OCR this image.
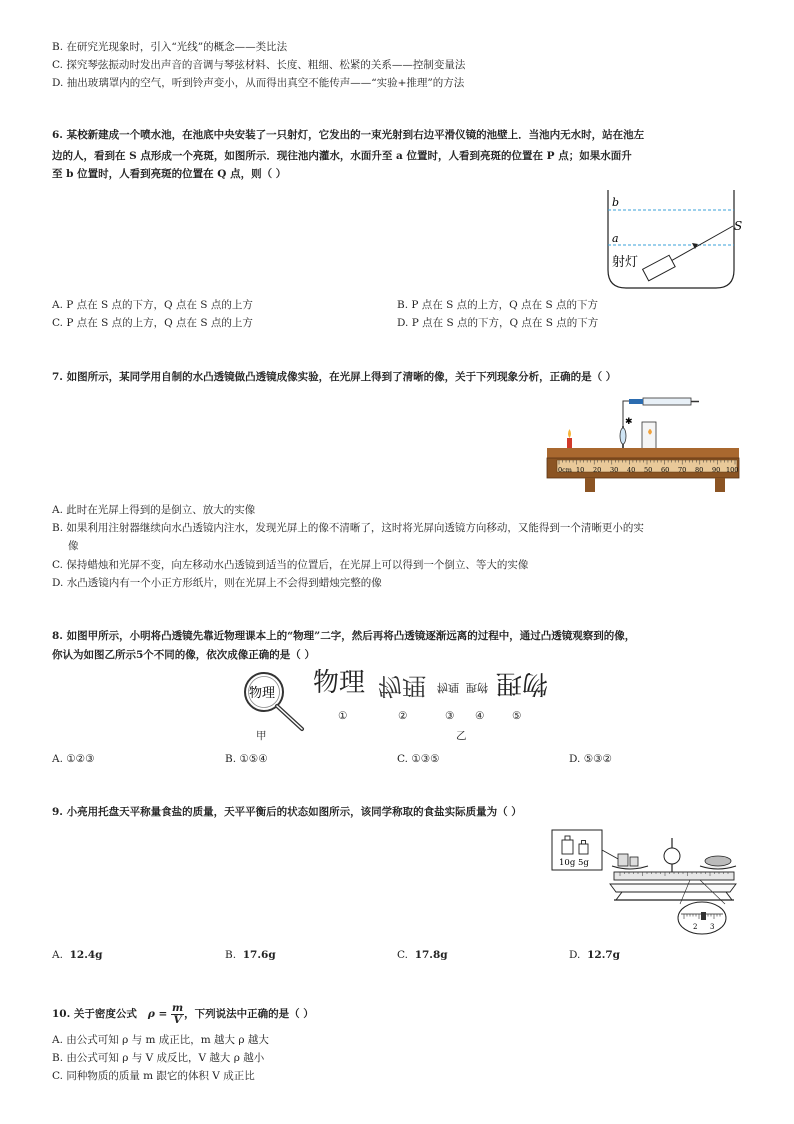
B. 在研究光现象时，引入“光线”的概念——类比法
C. 探究琴弦振动时发出声音的音调与琴弦材料、长度、粗细、松紧的关系——控制变量法
D. 抽出玻璃罩内的空气，听到铃声变小，从而得出真空不能传声——“实验+推理”的方法
6. 某校新建成一个喷水池，在池底中央安装了一只射灯，它发出的一束光射到右边平滑仪镜的池壁上．当池内无水时，站在池左
边的人，看到在 S 点形成一个亮斑，如图所示．现往池内灌水，水面升至 a 位置时，人看到亮斑的位置在 P 点；如果水面升
至 b 位置时，人看到亮斑的位置在 Q 点，则（ ）
b
a
S
射灯
A. P 点在 S 点的下方，Q 点在 S 点的上方	B. P 点在 S 点的上方，Q 点在 S 点的下方
C. P 点在 S 点的上方，Q 点在 S 点的上方	D. P 点在 S 点的下方，Q 点在 S 点的下方
7. 如图所示，某同学用自制的水凸透镜做凸透镜成像实验，在光屏上得到了清晰的像，关于下列现象分析，正确的是（ ）
✱
0cm 10 20 30 40 50 60 70 80 90 100
A. 此时在光屏上得到的是倒立、放大的实像
B. 如果利用注射器继续向水凸透镜内注水，发现光屏上的像不清晰了，这时将光屏向透镜方向移动，又能得到一个清晰更小的实
像
C. 保持蜡烛和光屏不变，向左移动水凸透镜到适当的位置后，在光屏上可以得到一个倒立、等大的实像
D. 水凸透镜内有一个小正方形纸片，则在光屏上不会得到蜡烛完整的像
8. 如图甲所示，小明将凸透镜先靠近物理课本上的“物理”二字，然后再将凸透镜逐渐远离的过程中，通过凸透镜观察到的像，
你认为如图乙所示5个不同的像，依次成像正确的是（ ）
物理 物理 物理 物理 物理 物理
①	②	③ ④	⑤
甲	乙
A. ①②③	B. ①⑤④	C. ①③⑤	D. ⑤③②
9. 小亮用托盘天平称量食盐的质量，天平平衡后的状态如图所示，该同学称取的食盐实际质量为（ ）
10g 5g
2 3
A. 12.4g	B. 17.6g	C. 17.8g	D. 12.7g
10. 关于密度公式 $\rho = \frac{m}{V}$ ，下列说法中正确的是（ ）
A. 由公式可知 ρ 与 m 成正比，m 越大 ρ 越大
B. 由公式可知 ρ 与 V 成反比，V 越大 ρ 越小
C. 同种物质的质量 m 跟它的体积 V 成正比
